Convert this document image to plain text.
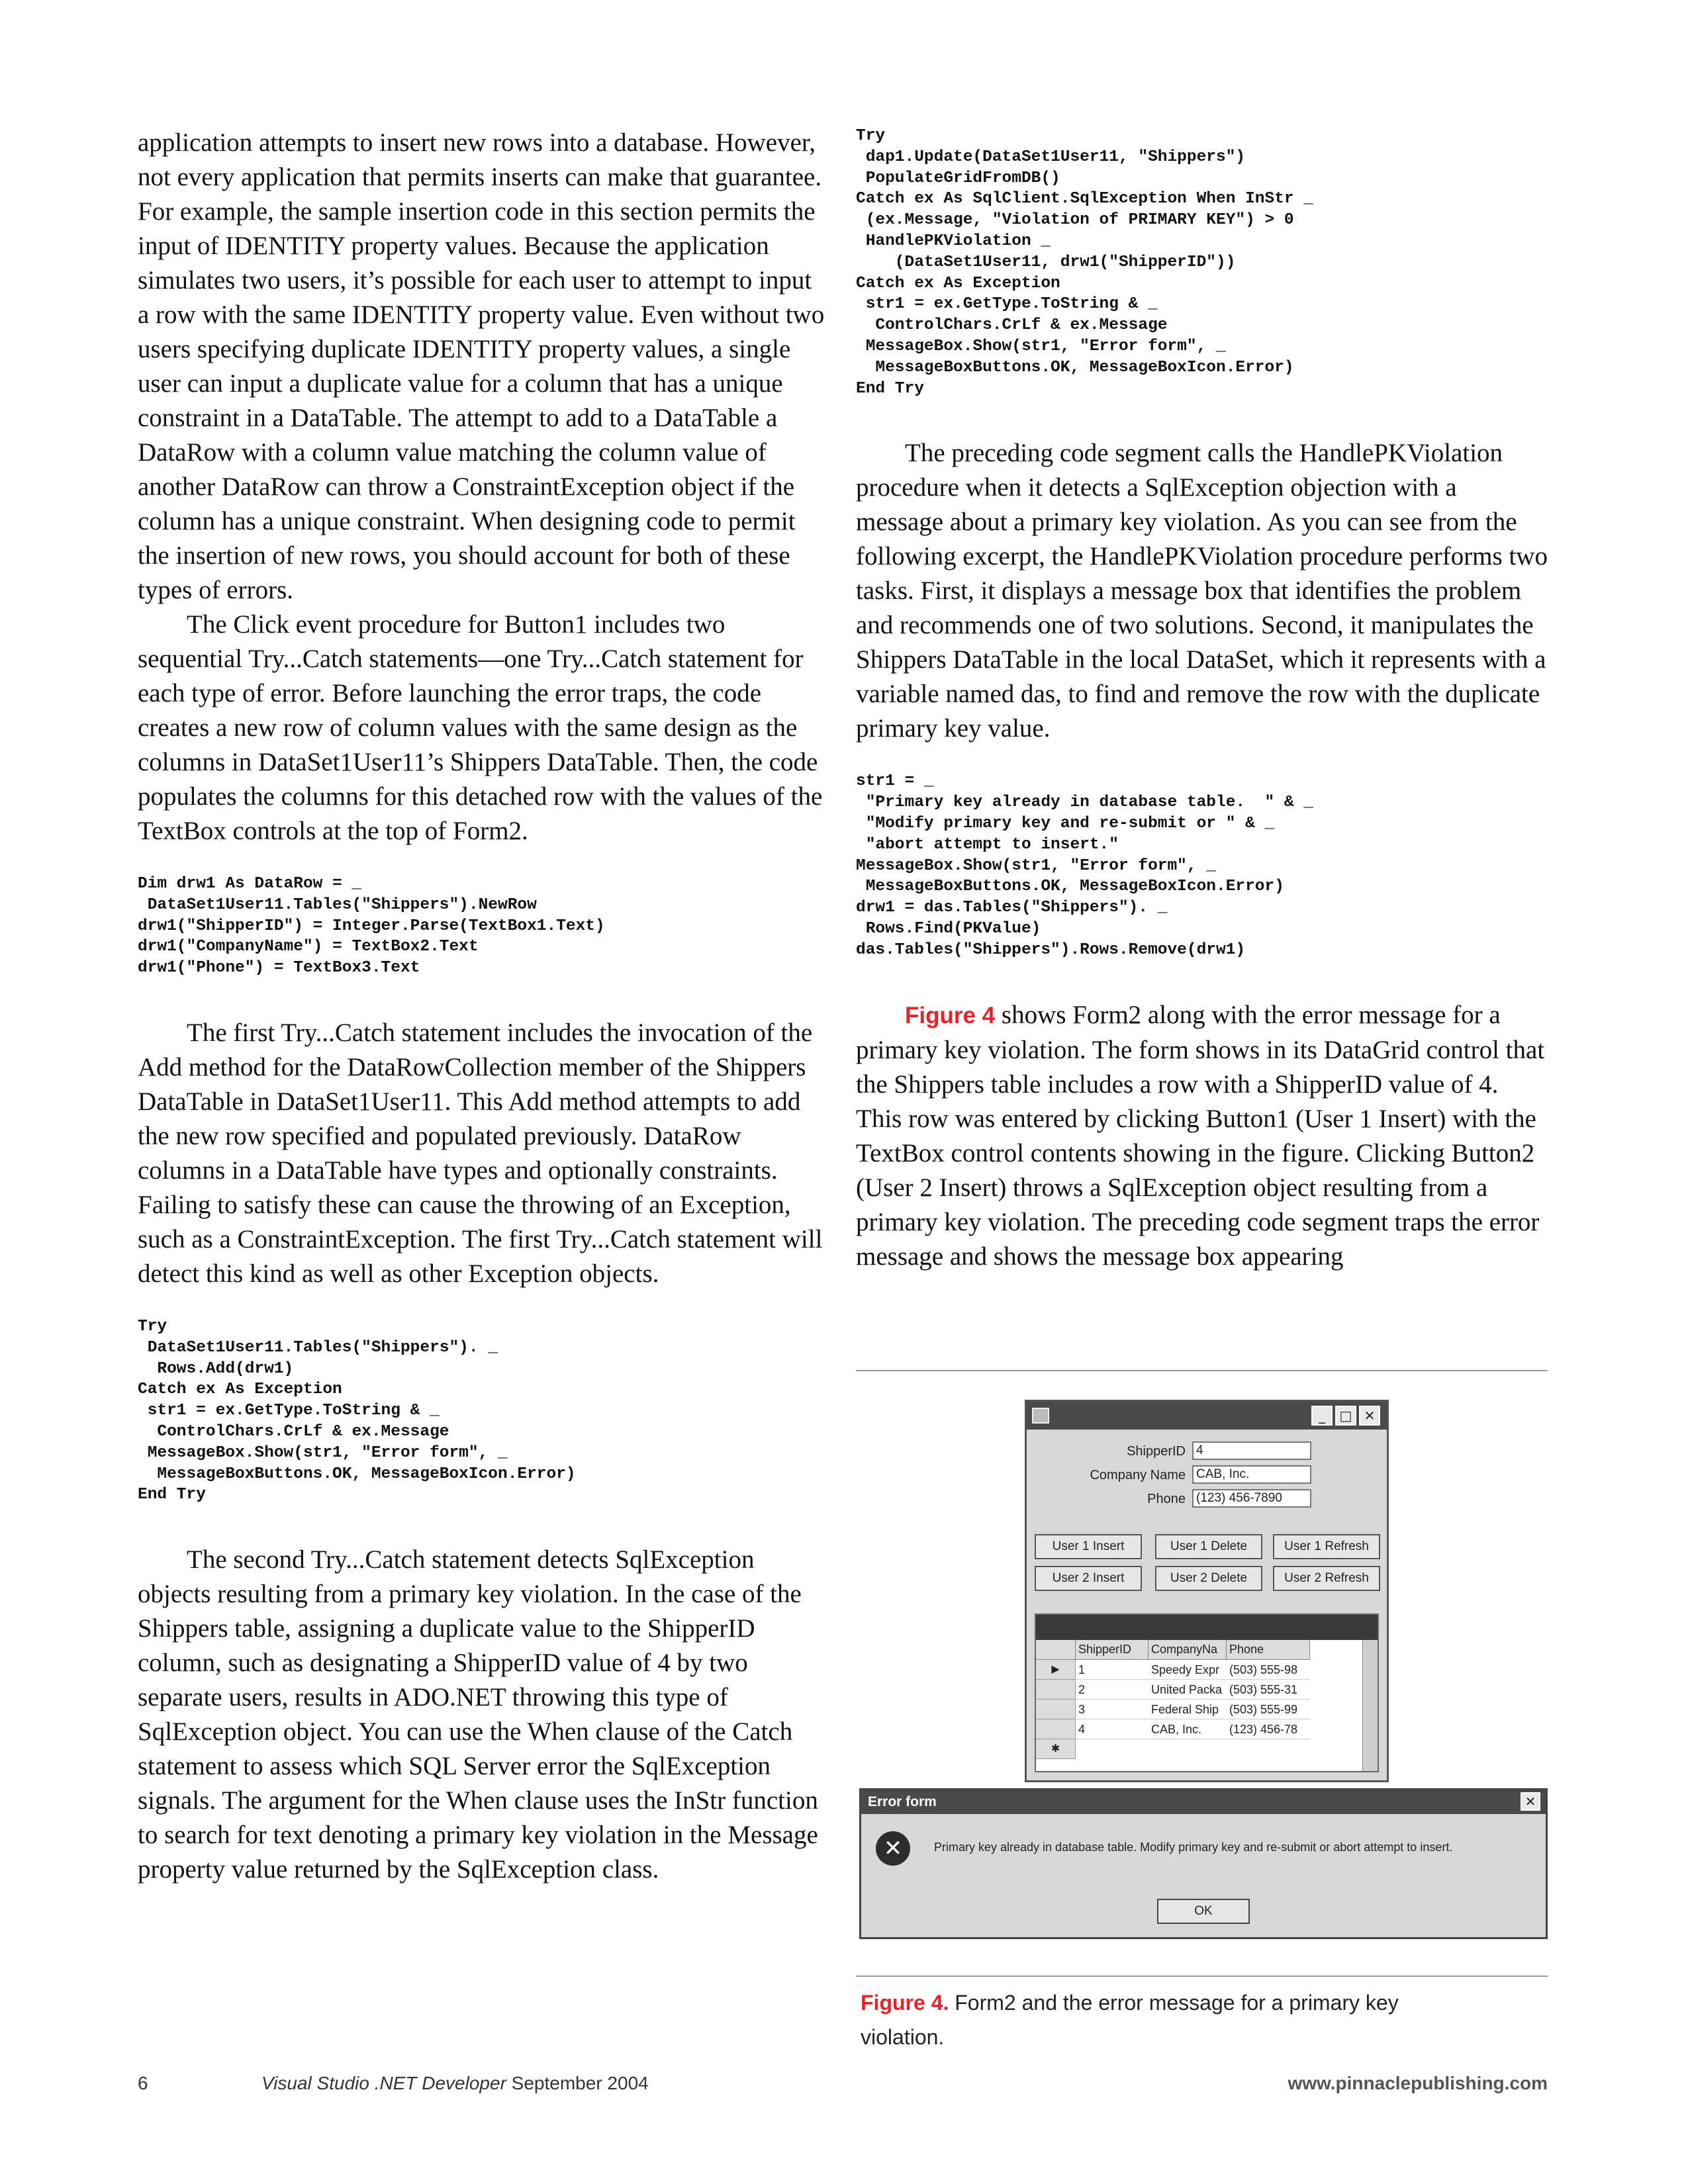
application attempts to insert new rows into a database. However, not every application that permits inserts can make that guarantee. For example, the sample insertion code in this section permits the input of IDENTITY property values. Because the application simulates two users, it’s possible for each user to attempt to input a row with the same IDENTITY property value. Even without two users specifying duplicate IDENTITY property values, a single user can input a duplicate value for a column that has a unique constraint in a DataTable. The attempt to add to a DataTable a DataRow with a column value matching the column value of another DataRow can throw a ConstraintException object if the column has a unique constraint. When designing code to permit the insertion of new rows, you should account for both of these types of errors.

The Click event procedure for Button1 includes two sequential Try...Catch statements—one Try...Catch statement for each type of error. Before launching the error traps, the code creates a new row of column values with the same design as the columns in DataSet1User11’s Shippers DataTable. Then, the code populates the columns for this detached row with the values of the TextBox controls at the top of Form2.

Dim drw1 As DataRow = _
DataSet1User11.Tables("Shippers").NewRow
drw1("ShipperID") = Integer.Parse(TextBox1.Text)
drw1("CompanyName") = TextBox2.Text
drw1("Phone") = TextBox3.Text

The first Try...Catch statement includes the invocation of the Add method for the DataRowCollection member of the Shippers DataTable in DataSet1User11. This Add method attempts to add the new row specified and populated previously. DataRow columns in a DataTable have types and optionally constraints. Failing to satisfy these can cause the throwing of an Exception, such as a ConstraintException. The first Try...Catch statement will detect this kind as well as other Exception objects.

Try
DataSet1User11.Tables("Shippers"). _
Rows.Add(drw1)
Catch ex As Exception
str1 = ex.GetType.ToString & _
ControlChars.CrLf & ex.Message
MessageBox.Show(str1, "Error form", _
MessageBoxButtons.OK, MessageBoxIcon.Error)
End Try

The second Try...Catch statement detects SqlException objects resulting from a primary key violation. In the case of the Shippers table, assigning a duplicate value to the ShipperID column, such as designating a ShipperID value of 4 by two separate users, results in ADO.NET throwing this type of SqlException object. You can use the When clause of the Catch statement to assess which SQL Server error the SqlException signals. The argument for the When clause uses the InStr function to search for text denoting a primary key violation in the Message property value returned by the SqlException class.

Try
dap1.Update(DataSet1User11, "Shippers")
PopulateGridFromDB()
Catch ex As SqlClient.SqlException When InStr _
(ex.Message, "Violation of PRIMARY KEY") > 0
HandlePKViolation _
(DataSet1User11, drw1("ShipperID"))
Catch ex As Exception
str1 = ex.GetType.ToString & _
ControlChars.CrLf & ex.Message
MessageBox.Show(str1, "Error form", _
MessageBoxButtons.OK, MessageBoxIcon.Error)
End Try

The preceding code segment calls the HandlePKViolation procedure when it detects a SqlException objection with a message about a primary key violation. As you can see from the following excerpt, the HandlePKViolation procedure performs two tasks. First, it displays a message box that identifies the problem and recommends one of two solutions. Second, it manipulates the Shippers DataTable in the local DataSet, which it represents with a variable named das, to find and remove the row with the duplicate primary key value.

str1 = _
"Primary key already in database table.  " & _
"Modify primary key and re-submit or " & _
"abort attempt to insert."
MessageBox.Show(str1, "Error form", _
MessageBoxButtons.OK, MessageBoxIcon.Error)
drw1 = das.Tables("Shippers"). _
Rows.Find(PKValue)
das.Tables("Shippers").Rows.Remove(drw1)

Figure 4 shows Form2 along with the error message for a primary key violation. The form shows in its DataGrid control that the Shippers table includes a row with a ShipperID value of 4. This row was entered by clicking Button1 (User 1 Insert) with the TextBox control contents showing in the figure. Clicking Button2 (User 2 Insert) throws a SqlException object resulting from a primary key violation. The preceding code segment traps the error message and shows the message box appearing

_	□ ✕
ShipperID 4
Company Name CAB, Inc.
Phone (123) 456-7890
User 1 Insert	User 1 Delete	User 1 Refresh
User 2 Insert	User 2 Delete	User 2 Refresh
ShipperID	CompanyNa Phone
▶	1	Speedy Expr (503) 555-98
2	United Packa (503) 555-31
3	Federal Ship (503) 555-99
4	CAB, Inc.	(123) 456-78
✱
Error form	✕
✕	Primary key already in database table. Modify primary key and re-submit or abort attempt to insert.
OK
Figure 4. Form2 and the error message for a primary key violation.
6	Visual Studio .NET Developer September 2004	www.pinnaclepublishing.com
